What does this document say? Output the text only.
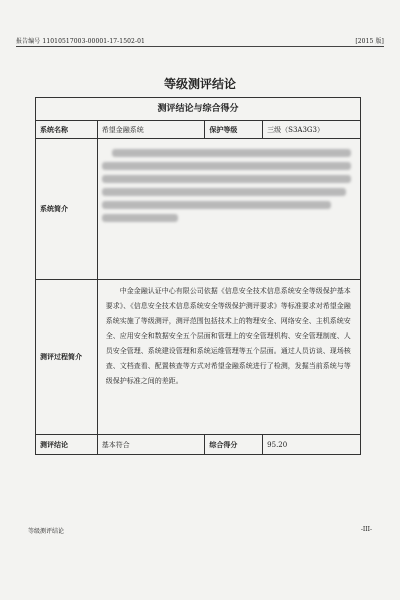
报告编号 11010517003-00001-17-1502-01	[2015 版]
等级测评结论
测评结论与综合得分			
系统名称	希望金融系统	保护等级	三级（S3A3G3）
系统简介			

测评过程简介	中金金融认证中心有限公司依据《信息安全技术信息系统安全等级保护基本要求》、《信息安全技术信息系统安全等级保护测评要求》等标准要求对希望金融系统实施了等级测评，测评范围包括技术上的物理安全、网络安全、主机系统安全、应用安全和数据安全五个层面和管理上的安全管理机构、安全管理制度、人员安全管理、系统建设管理和系统运维管理等五个层面。通过人员访谈、现场核查、文档查看、配置核查等方式对希望金融系统进行了检测，发掘当前系统与等级保护标准之间的差距。		
测评结论	基本符合	综合得分	95.20
等级测评结论	-III-
